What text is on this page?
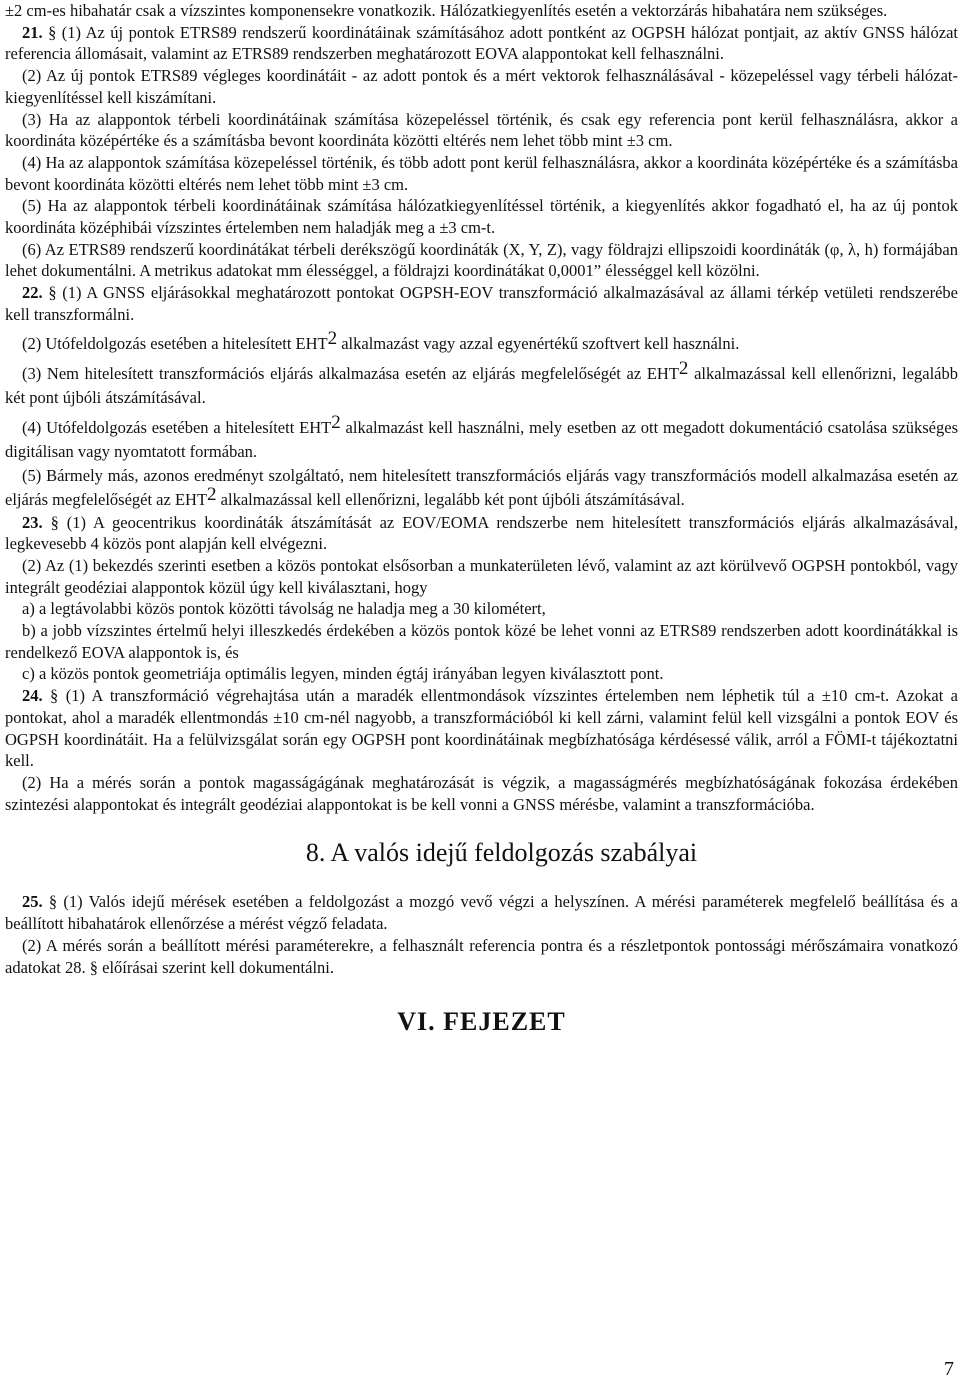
±2 cm-es hibahatár csak a vízszintes komponensekre vonatkozik. Hálózatkiegyenlítés esetén a vektorzárás hibahatára nem szükséges.

21. § (1) Az új pontok ETRS89 rendszerű koordinátáinak számításához adott pontként az OGPSH hálózat pontjait, az aktív GNSS hálózat referencia állomásait, valamint az ETRS89 rendszerben meghatározott EOVA alappontokat kell felhasználni.

(2) Az új pontok ETRS89 végleges koordinátáit - az adott pontok és a mért vektorok felhasználásával - közepeléssel vagy térbeli hálózat-kiegyenlítéssel kell kiszámítani.

(3) Ha az alappontok térbeli koordinátáinak számítása közepeléssel történik, és csak egy referencia pont kerül felhasználásra, akkor a koordináta középértéke és a számításba bevont koordináta közötti eltérés nem lehet több mint ±3 cm.

(4) Ha az alappontok számítása közepeléssel történik, és több adott pont kerül felhasználásra, akkor a koordináta középértéke és a számításba bevont koordináta közötti eltérés nem lehet több mint ±3 cm.

(5) Ha az alappontok térbeli koordinátáinak számítása hálózatkiegyenlítéssel történik, a kiegyenlítés akkor fogadható el, ha az új pontok koordináta középhibái vízszintes értelemben nem haladják meg a ±3 cm-t.

(6) Az ETRS89 rendszerű koordinátákat térbeli derékszögű koordináták (X, Y, Z), vagy földrajzi ellipszoidi koordináták (φ, λ, h) formájában lehet dokumentálni. A metrikus adatokat mm élességgel, a földrajzi koordinátákat 0,0001” élességgel kell közölni.

22. § (1) A GNSS eljárásokkal meghatározott pontokat OGPSH-EOV transzformáció alkalmazásával az állami térkép vetületi rendszerébe kell transzformálni.

(2) Utófeldolgozás esetében a hitelesített EHT$^2$ alkalmazást vagy azzal egyenértékű szoftvert kell használni.

(3) Nem hitelesített transzformációs eljárás alkalmazása esetén az eljárás megfelelőségét az EHT$^2$ alkalmazással kell ellenőrizni, legalább két pont újbóli átszámításával.

(4) Utófeldolgozás esetében a hitelesített EHT$^2$ alkalmazást kell használni, mely esetben az ott megadott dokumentáció csatolása szükséges digitálisan vagy nyomtatott formában.

(5) Bármely más, azonos eredményt szolgáltató, nem hitelesített transzformációs eljárás vagy transzformációs modell alkalmazása esetén az eljárás megfelelőségét az EHT$^2$ alkalmazással kell ellenőrizni, legalább két pont újbóli átszámításával.

23. § (1) A geocentrikus koordináták átszámítását az EOV/EOMA rendszerbe nem hitelesített transzformációs eljárás alkalmazásával, legkevesebb 4 közös pont alapján kell elvégezni.

(2) Az (1) bekezdés szerinti esetben a közös pontokat elsősorban a munkaterületen lévő, valamint az azt körülvevő OGPSH pontokból, vagy integrált geodéziai alappontok közül úgy kell kiválasztani, hogy

a) a legtávolabbi közös pontok közötti távolság ne haladja meg a 30 kilométert,

b) a jobb vízszintes értelmű helyi illeszkedés érdekében a közös pontok közé be lehet vonni az ETRS89 rendszerben adott koordinátákkal is rendelkező EOVA alappontok is, és

c) a közös pontok geometriája optimális legyen, minden égtáj irányában legyen kiválasztott pont.

24. § (1) A transzformáció végrehajtása után a maradék ellentmondások vízszintes értelemben nem léphetik túl a ±10 cm-t. Azokat a pontokat, ahol a maradék ellentmondás ±10 cm-nél nagyobb, a transzformációból ki kell zárni, valamint felül kell vizsgálni a pontok EOV és OGPSH koordinátáit. Ha a felülvizsgálat során egy OGPSH pont koordinátáinak megbízhatósága kérdésessé válik, arról a FÖMI-t tájékoztatni kell.

(2) Ha a mérés során a pontok magasságágának meghatározását is végzik, a magasságmérés megbízhatóságának fokozása érdekében szintezési alappontokat és integrált geodéziai alappontokat is be kell vonni a GNSS mérésbe, valamint a transzformációba.

8. A valós idejű feldolgozás szabályai

25. § (1) Valós idejű mérések esetében a feldolgozást a mozgó vevő végzi a helyszínen. A mérési paraméterek megfelelő beállítása és a beállított hibahatárok ellenőrzése a mérést végző feladata.

(2) A mérés során a beállított mérési paraméterekre, a felhasznált referencia pontra és a részletpontok pontossági mérőszámaira vonatkozó adatokat 28. § előírásai szerint kell dokumentálni.

VI. FEJEZET
7
